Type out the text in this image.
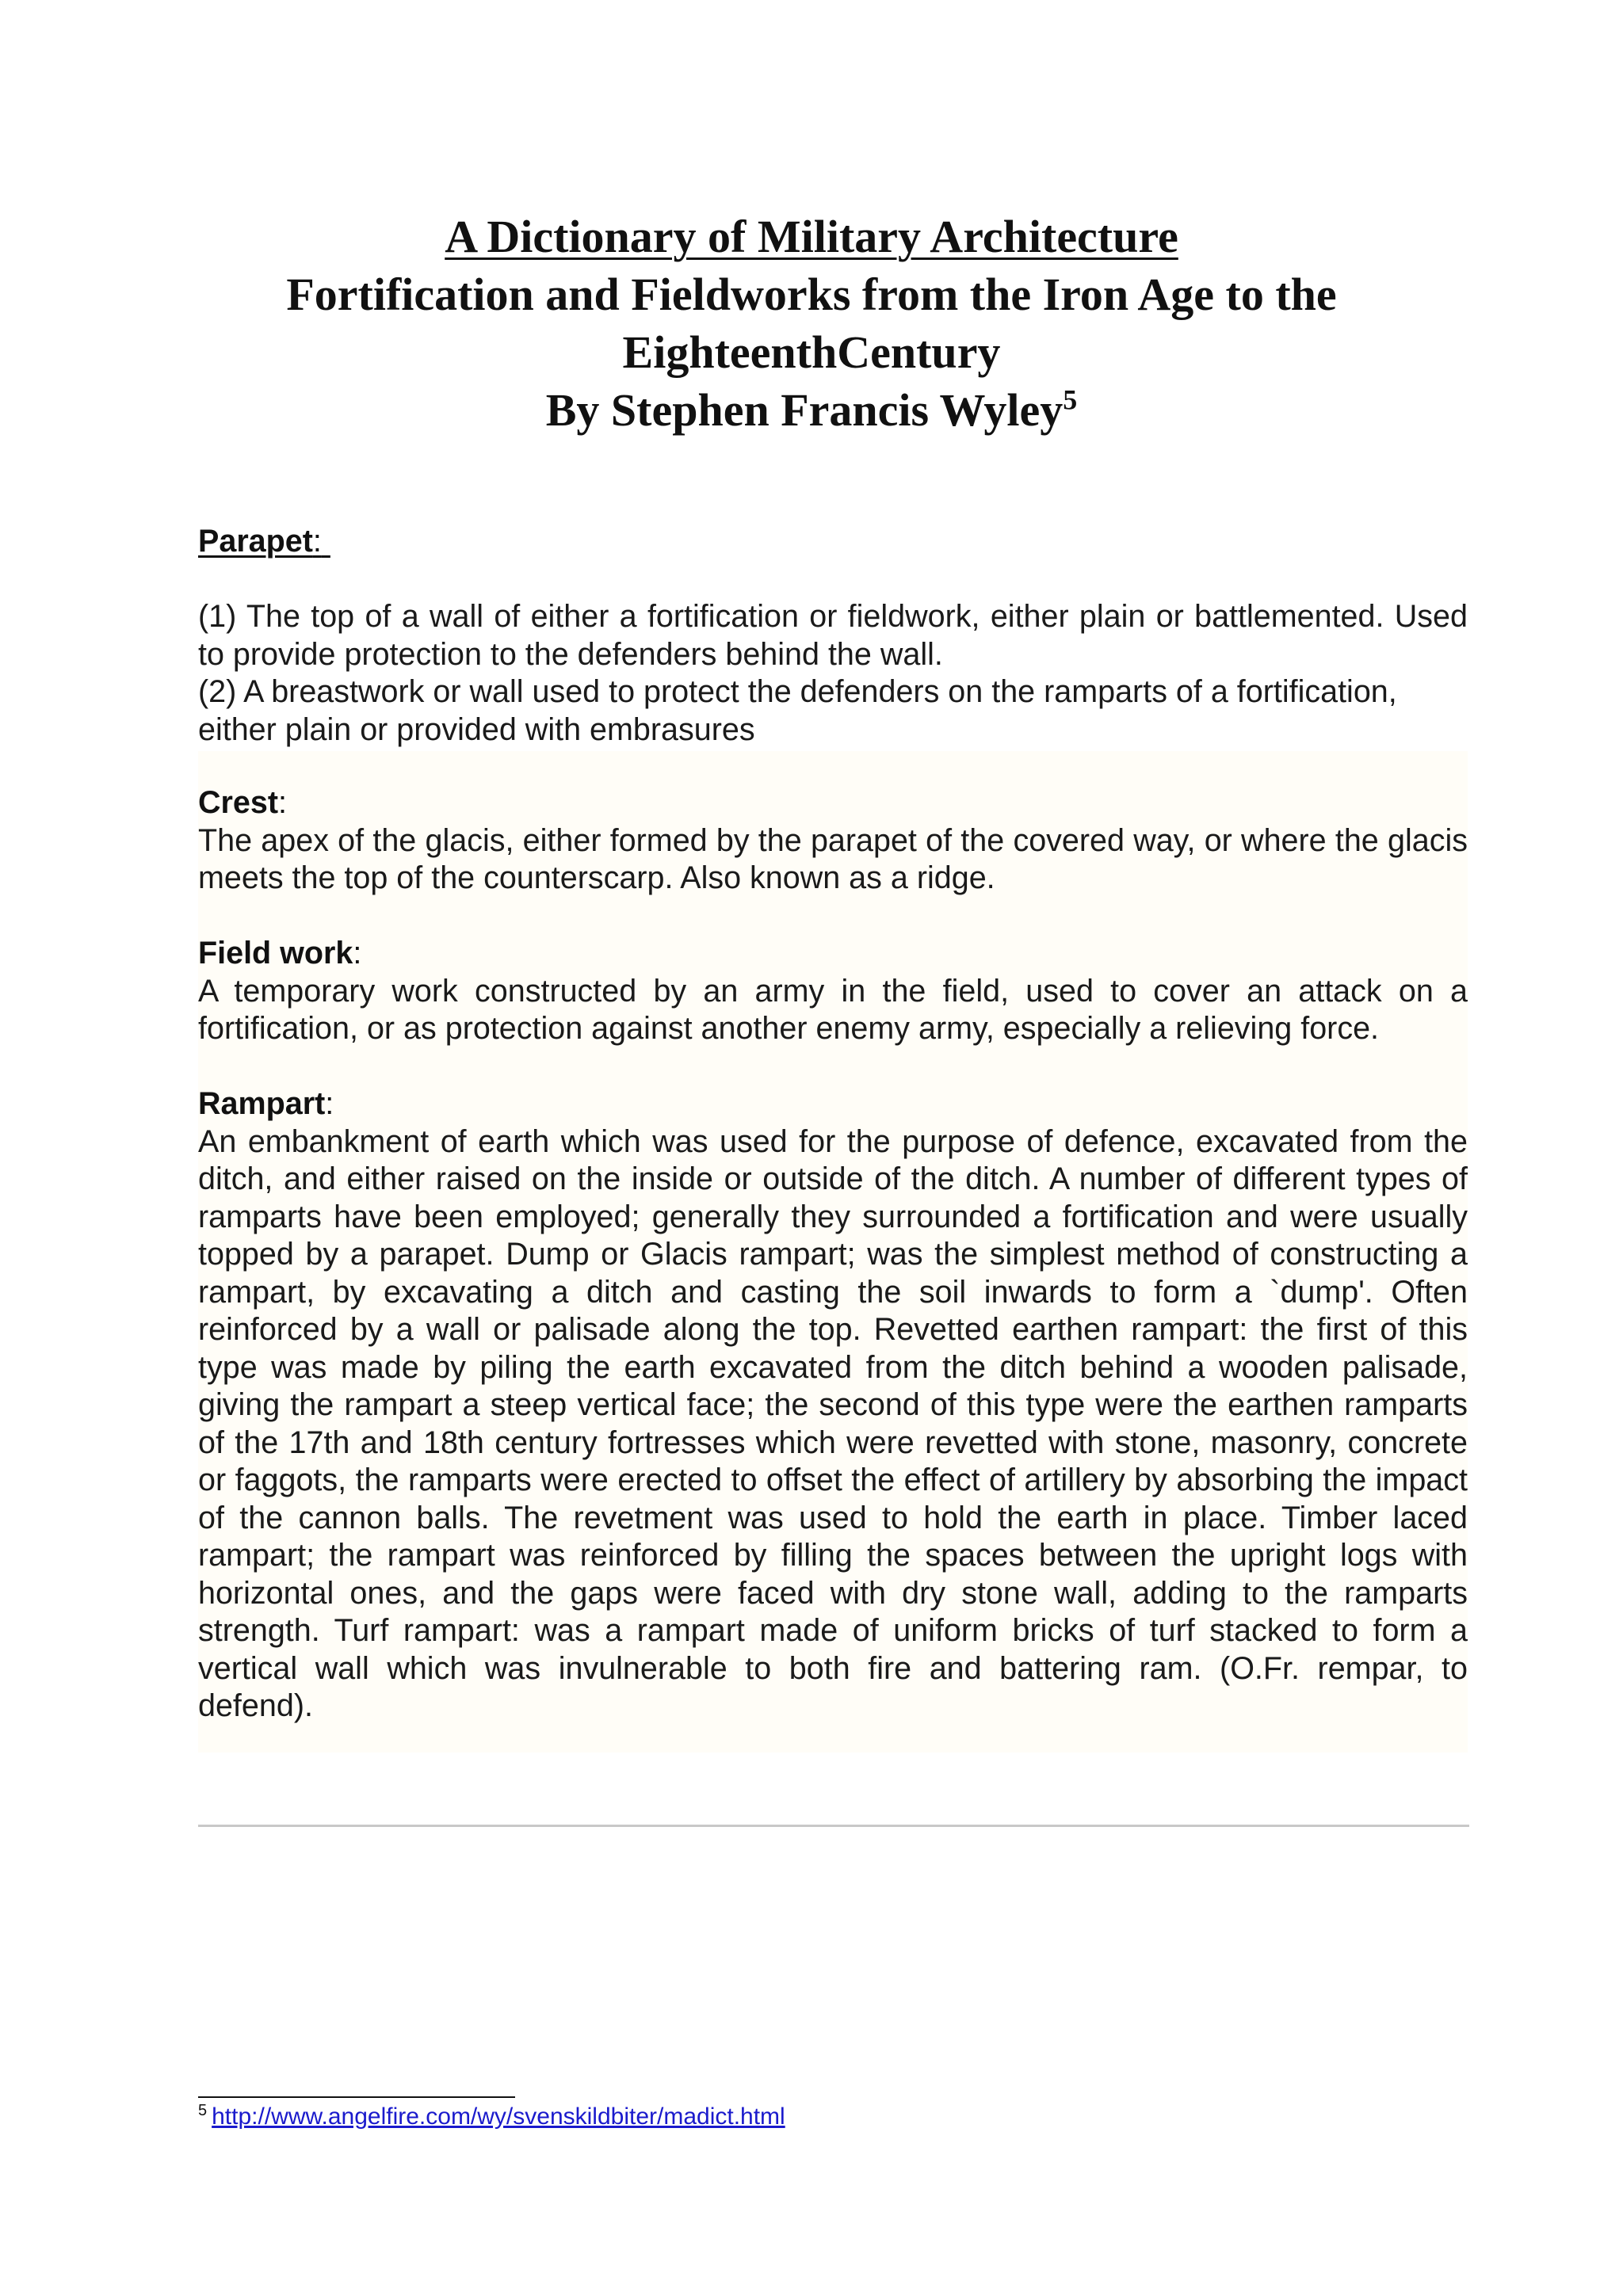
A Dictionary of Military Architecture
Fortification and Fieldworks from the Iron Age to the
EighteenthCentury
By Stephen Francis Wyley$^5$
Parapet:

(1) The top of a wall of either a fortification or fieldwork, either plain or battlemented. Used to provide protection to the defenders behind the wall.

(2) A breastwork or wall used to protect the defenders on the ramparts of a fortification, either plain or provided with embrasures

Crest:

The apex of the glacis, either formed by the parapet of the covered way, or where the glacis meets the top of the counterscarp. Also known as a ridge.

Field work:

A temporary work constructed by an army in the field, used to cover an attack on a fortification, or as protection against another enemy army, especially a relieving force.

Rampart:

An embankment of earth which was used for the purpose of defence, excavated from the ditch, and either raised on the inside or outside of the ditch. A number of different types of ramparts have been employed; generally they surrounded a fortification and were usually topped by a parapet. Dump or Glacis rampart; was the simplest method of constructing a rampart, by excavating a ditch and casting the soil inwards to form a `dump'. Often reinforced by a wall or palisade along the top. Revetted earthen rampart: the first of this type was made by piling the earth excavated from the ditch behind a wooden palisade, giving the rampart a steep vertical face; the second of this type were the earthen ramparts of the 17th and 18th century fortresses which were revetted with stone, masonry, concrete or faggots, the ramparts were erected to offset the effect of artillery by absorbing the impact of the cannon balls. The revetment was used to hold the earth in place. Timber laced rampart; the rampart was reinforced by filling the spaces between the upright logs with horizontal ones, and the gaps were faced with dry stone wall, adding to the ramparts strength. Turf rampart: was a rampart made of uniform bricks of turf stacked to form a vertical wall which was invulnerable to both fire and battering ram. (O.Fr. rempar, to defend).

$^5$ http://www.angelfire.com/wy/svenskildbiter/madict.html
